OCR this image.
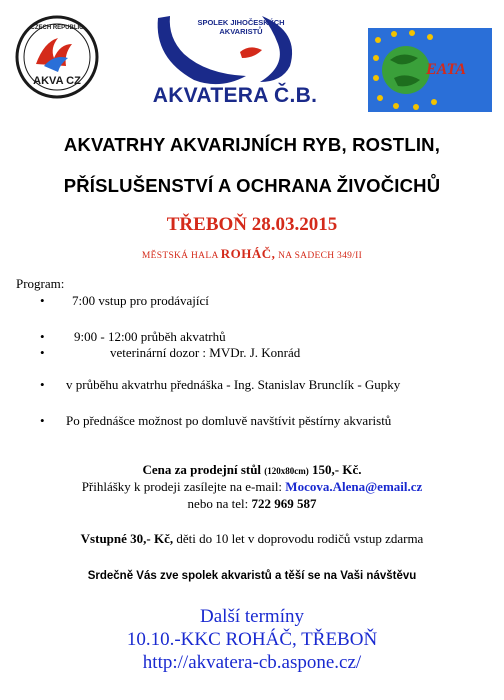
CZECH REPUBLIC
AKVA CZ
SPOLEK JIHOČESKÝCH AKVARISTŮ
AKVATERA Č.B.
EATA
AKVATRHY AKVARIJNÍCH RYB, ROSTLIN,
PŘÍSLUŠENSTVÍ A OCHRANA ŽIVOČICHŮ
TŘEBOŇ 28.03.2015
MĚSTSKÁ HALA ROHÁČ, NA SADECH 349/II
Program:
• 7:00 vstup pro prodávající
• 9:00 - 12:00 průběh akvatrhů
•	veterinární dozor : MVDr. J. Konrád
• v průběhu akvatrhu přednáška - Ing. Stanislav Brunclík - Gupky
• Po přednášce možnost po domluvě navštívit pěstírny akvaristů
Cena za prodejní stůl (120x80cm) 150,- Kč.
Přihlášky k prodeji zasílejte na e-mail: Mocova.Alena@email.cz
nebo na tel: 722 969 587
Vstupné 30,- Kč, děti do 10 let v doprovodu rodičů vstup zdarma
Srdečně Vás zve spolek akvaristů a těší se na Vaši návštěvu
Další termíny
10.10.-KKC ROHÁČ, TŘEBOŇ
http://akvatera-cb.aspone.cz/
